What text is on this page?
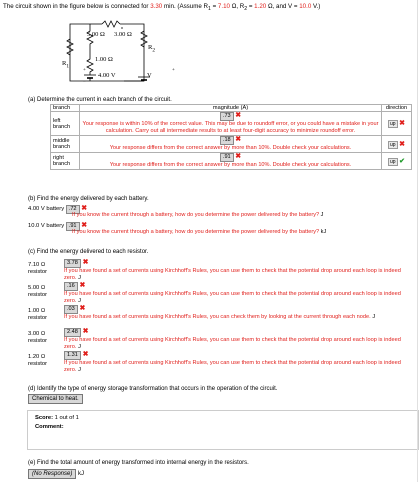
The circuit shown in the figure below is connected for 3.30 min. (Assume $R_1 = 7.10$ Ω, $R_2 = 1.20$ Ω, and V = 10.0 V.)
5.00 Ω 3.00 Ω
$R_2$
1.00 Ω
$R_1$
4.00 V	V
+	+
−
(a) Determine the current in each branch of the circuit.
branch	magnitude (A)	direction
left branch	.73 ✖
Your response is within 10% of the correct value. This may be due to roundoff error, or you could have a mistake in your calculation. Carry out all intermediate results to at least four-digit accuracy to minimize roundoff error.	up ✖
middle branch	.18 ✖
Your response differs from the correct answer by more than 10%. Double check your calculations.	up ✖
right branch	.91 ✖
Your response differs from the correct answer by more than 10%. Double check your calculations.	up ✔
(b) Find the energy delivered by each battery.
4.00 V battery .72 ✖
If you know the current through a battery, how do you determine the power delivered by the battery? J
10.0 V battery .91 ✖
If you know the current through a battery, how do you determine the power delivered by the battery? kJ
(c) Find the energy delivered to each resistor.
7.10 Ω
resistor
3.78 ✖
If you have found a set of currents using Kirchhoff's Rules, you can use them to check that the potential drop around each loop is indeed zero. J
5.00 Ω
resistor
.16 ✖
If you have found a set of currents using Kirchhoff's Rules, you can use them to check that the potential drop around each loop is indeed zero. J
1.00 Ω
resistor
.03 ✖
If you have found a set of currents using Kirchhoff's Rules, you can check them by looking at the current through each node. J
3.00 Ω
resistor
2.48 ✖
If you have found a set of currents using Kirchhoff's Rules, you can use them to check that the potential drop around each loop is indeed zero. J
1.20 Ω
resistor
1.31 ✖
If you have found a set of currents using Kirchhoff's Rules, you can use them to check that the potential drop around each loop is indeed zero. J
(d) Identify the type of energy storage transformation that occurs in the operation of the circuit.
Chemical to heat.
Score: 1 out of 1
Comment:
(e) Find the total amount of energy transformed into internal energy in the resistors.
(No Response) kJ
